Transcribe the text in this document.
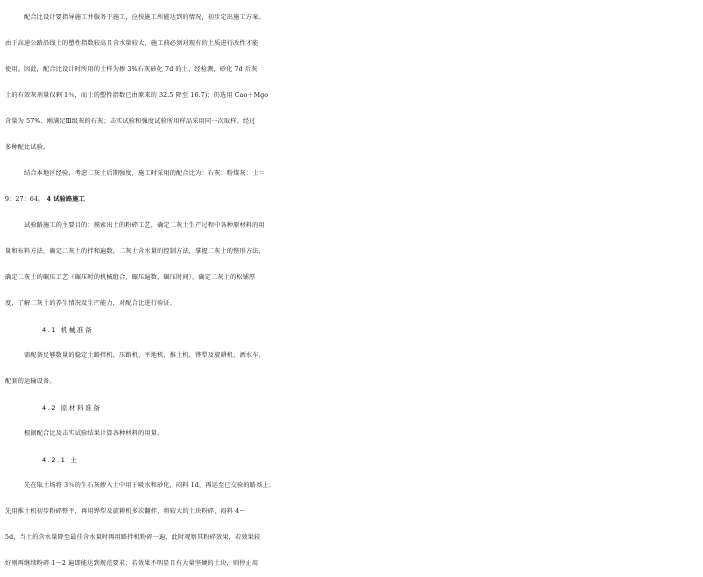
配合比设计要指导施工并服务于施工，应按施工所能达到的情况，初步定出施工方案。
由于高速公路沿线土的塑性指数较高且含水量较大，施工前必须对现有的土质进行改性才能
使用。因此，配合比设计时所用的土样为掺 3%石灰砂化 7d 的土，经检测，砂化 7d 后灰
土的有效灰剂量仅剩 1％，而土的塑性指数已由原来的 32.5 降至 16.7)；仍选用 Cao＋Mgo
含量为 57%、刚满足Ⅲ级灰的石灰；击实试验和强度试验所用样品采用同一次取样。经过
多种配比试验。
结合本地区经验，考虑二灰土后期强度，施工时采用的配合比为：石灰：粉煤灰：土＝
9：27：64。 4 试验路施工
试验路施工的主要目的：摸索出土的粉碎工艺，确定二灰土生产过程中各种原材料的用
量和布料方法，确定二灰土的拌和遍数，二灰土含水量的控制方法，掌握二灰土的整形方法，
确定二灰土的碾压工艺（碾压时的机械组合，碾压遍数，碾压时间），确定二灰土的松铺厚
度，了解二灰土的养生情况及生产能力，对配合比进行验证。
4.1 机械准备
需配备足够数量的稳定土路拌机、压路机、平地机、推土机、铧犁及旋耕机、洒水车、
配套的运输设备。
4.2 原材料准备
根据配合比及击实试验结果计算各种材料的用量。
4.2.1 土
先在取土场将 3％的生石灰掺入土中用于吸水和砂化，闷料 1d，再运至已交验的路基上；
先用推土机初步粉碎整平，再用铧犁及旋耕机多次翻拌，将较大的土块粉碎，闷料 4～
5d，当土的含水量降至最佳含水量时再用路拌机粉碎一遍，此时观察其粉碎效果，若效果较
好则再继续粉碎 1～2 遍即能达到规范要求；若效果不明显且有大量坚硬的土块，则停止用
